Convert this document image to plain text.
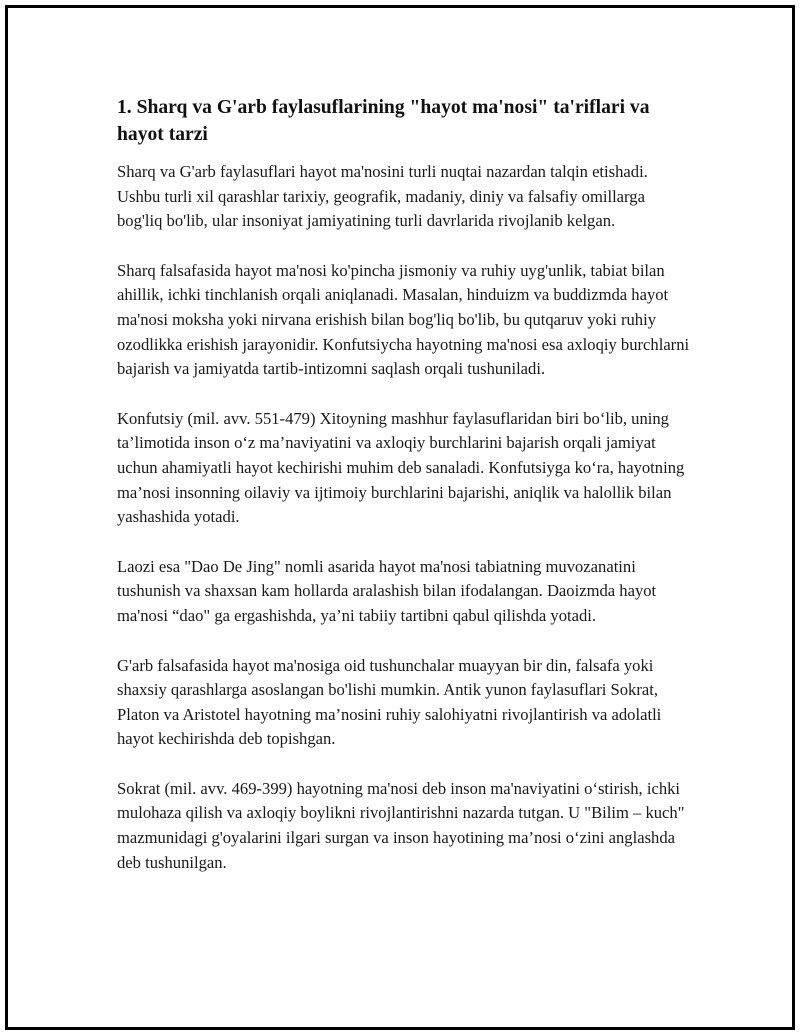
1. Sharq va G'arb faylasuflarining "hayot ma'nosi" ta'riflari va hayot tarzi

Sharq va G'arb faylasuflari hayot ma'nosini turli nuqtai nazardan talqin etishadi. Ushbu turli xil qarashlar tarixiy, geografik, madaniy, diniy va falsafiy omillarga bog'liq bo'lib, ular insoniyat jamiyatining turli davrlarida rivojlanib kelgan.

Sharq falsafasida hayot ma'nosi ko'pincha jismoniy va ruhiy uyg'unlik, tabiat bilan ahillik, ichki tinchlanish orqali aniqlanadi. Masalan, hinduizm va buddizmda hayot ma'nosi moksha yoki nirvana erishish bilan bog'liq bo'lib, bu qutqaruv yoki ruhiy ozodlikka erishish jarayonidir. Konfutsiycha hayotning ma'nosi esa axloqiy burchlarni bajarish va jamiyatda tartib-intizomni saqlash orqali tushuniladi.

Konfutsiy (mil. avv. 551-479) Xitoyning mashhur faylasuflaridan biri bo‘lib, uning ta’limotida inson o‘z ma’naviyatini va axloqiy burchlarini bajarish orqali jamiyat uchun ahamiyatli hayot kechirishi muhim deb sanaladi. Konfutsiyga ko‘ra, hayotning ma’nosi insonning oilaviy va ijtimoiy burchlarini bajarishi, aniqlik va halollik bilan yashashida yotadi.

Laozi esa "Dao De Jing" nomli asarida hayot ma'nosi tabiatning muvozanatini tushunish va shaxsan kam hollarda aralashish bilan ifodalangan. Daoizmda hayot ma'nosi “dao" ga ergashishda, ya’ni tabiiy tartibni qabul qilishda yotadi.

G'arb falsafasida hayot ma'nosiga oid tushunchalar muayyan bir din, falsafa yoki shaxsiy qarashlarga asoslangan bo'lishi mumkin. Antik yunon faylasuflari Sokrat, Platon va Aristotel hayotning ma’nosini ruhiy salohiyatni rivojlantirish va adolatli hayot kechirishda deb topishgan.

Sokrat (mil. avv. 469-399) hayotning ma'nosi deb inson ma'naviyatini o‘stirish, ichki mulohaza qilish va axloqiy boylikni rivojlantirishni nazarda tutgan. U "Bilim – kuch" mazmunidagi g'oyalarini ilgari surgan va inson hayotining ma’nosi o‘zini anglashda deb tushunilgan.
